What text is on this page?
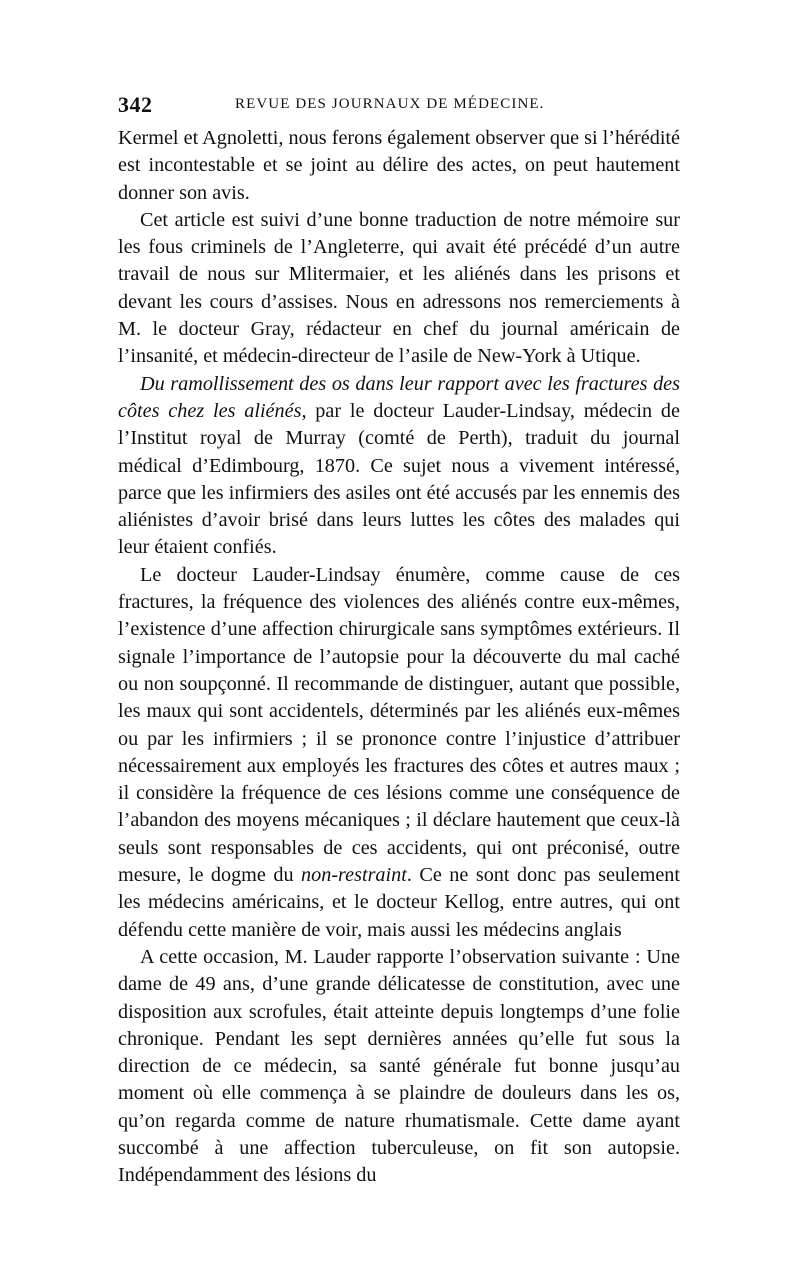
342	REVUE DES JOURNAUX DE MÉDECINE.

Kermel et Agnoletti, nous ferons également observer que si l’hérédité est incontestable et se joint au délire des actes, on peut hautement donner son avis.

Cet article est suivi d’une bonne traduction de notre mémoire sur les fous criminels de l’Angleterre, qui avait été précédé d’un autre travail de nous sur Mlitermaier, et les aliénés dans les prisons et devant les cours d’assises. Nous en adressons nos remerciements à M. le docteur Gray, rédacteur en chef du journal américain de l’insanité, et médecin-directeur de l’asile de New-York à Utique.

Du ramollissement des os dans leur rapport avec les fractures des côtes chez les aliénés, par le docteur Lauder-Lindsay, médecin de l’Institut royal de Murray (comté de Perth), traduit du journal médical d’Edimbourg, 1870. Ce sujet nous a vivement intéressé, parce que les infirmiers des asiles ont été accusés par les ennemis des aliénistes d’avoir brisé dans leurs luttes les côtes des malades qui leur étaient confiés.

Le docteur Lauder-Lindsay énumère, comme cause de ces fractures, la fréquence des violences des aliénés contre eux-mêmes, l’existence d’une affection chirurgicale sans symptômes extérieurs. Il signale l’importance de l’autopsie pour la découverte du mal caché ou non soupçonné. Il recommande de distinguer, autant que possible, les maux qui sont accidentels, déterminés par les aliénés eux-mêmes ou par les infirmiers ; il se prononce contre l’injustice d’attribuer nécessairement aux employés les fractures des côtes et autres maux ; il considère la fréquence de ces lésions comme une conséquence de l’abandon des moyens mécaniques ; il déclare hautement que ceux-là seuls sont responsables de ces accidents, qui ont préconisé, outre mesure, le dogme du non-restraint. Ce ne sont donc pas seulement les médecins américains, et le docteur Kellog, entre autres, qui ont défendu cette manière de voir, mais aussi les médecins anglais

A cette occasion, M. Lauder rapporte l’observation suivante : Une dame de 49 ans, d’une grande délicatesse de constitution, avec une disposition aux scrofules, était atteinte depuis longtemps d’une folie chronique. Pendant les sept dernières années qu’elle fut sous la direction de ce médecin, sa santé générale fut bonne jusqu’au moment où elle commença à se plaindre de douleurs dans les os, qu’on regarda comme de nature rhumatismale. Cette dame ayant succombé à une affection tuberculeuse, on fit son autopsie. Indépendamment des lésions du
